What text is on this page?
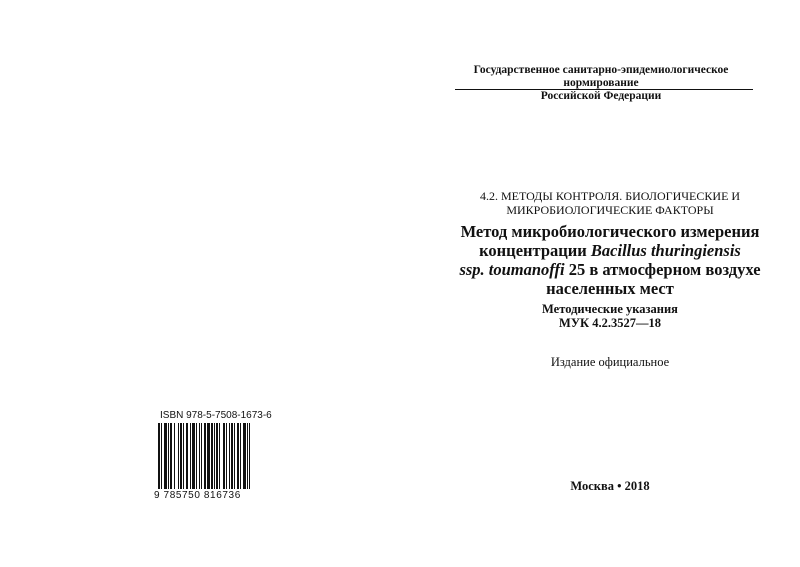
ISBN 978-5-7508-1673-6
9 785750 816736
Государственное санитарно-эпидемиологическое нормирование
Российской Федерации
4.2. МЕТОДЫ КОНТРОЛЯ. БИОЛОГИЧЕСКИЕ И
МИКРОБИОЛОГИЧЕСКИЕ ФАКТОРЫ
Метод микробиологического измерения
концентрации Bacillus thuringiensis
ssp. toumanoffi 25 в атмосферном воздухе
населенных мест
Методические указания
МУК 4.2.3527—18
Издание официальное
Москва • 2018
